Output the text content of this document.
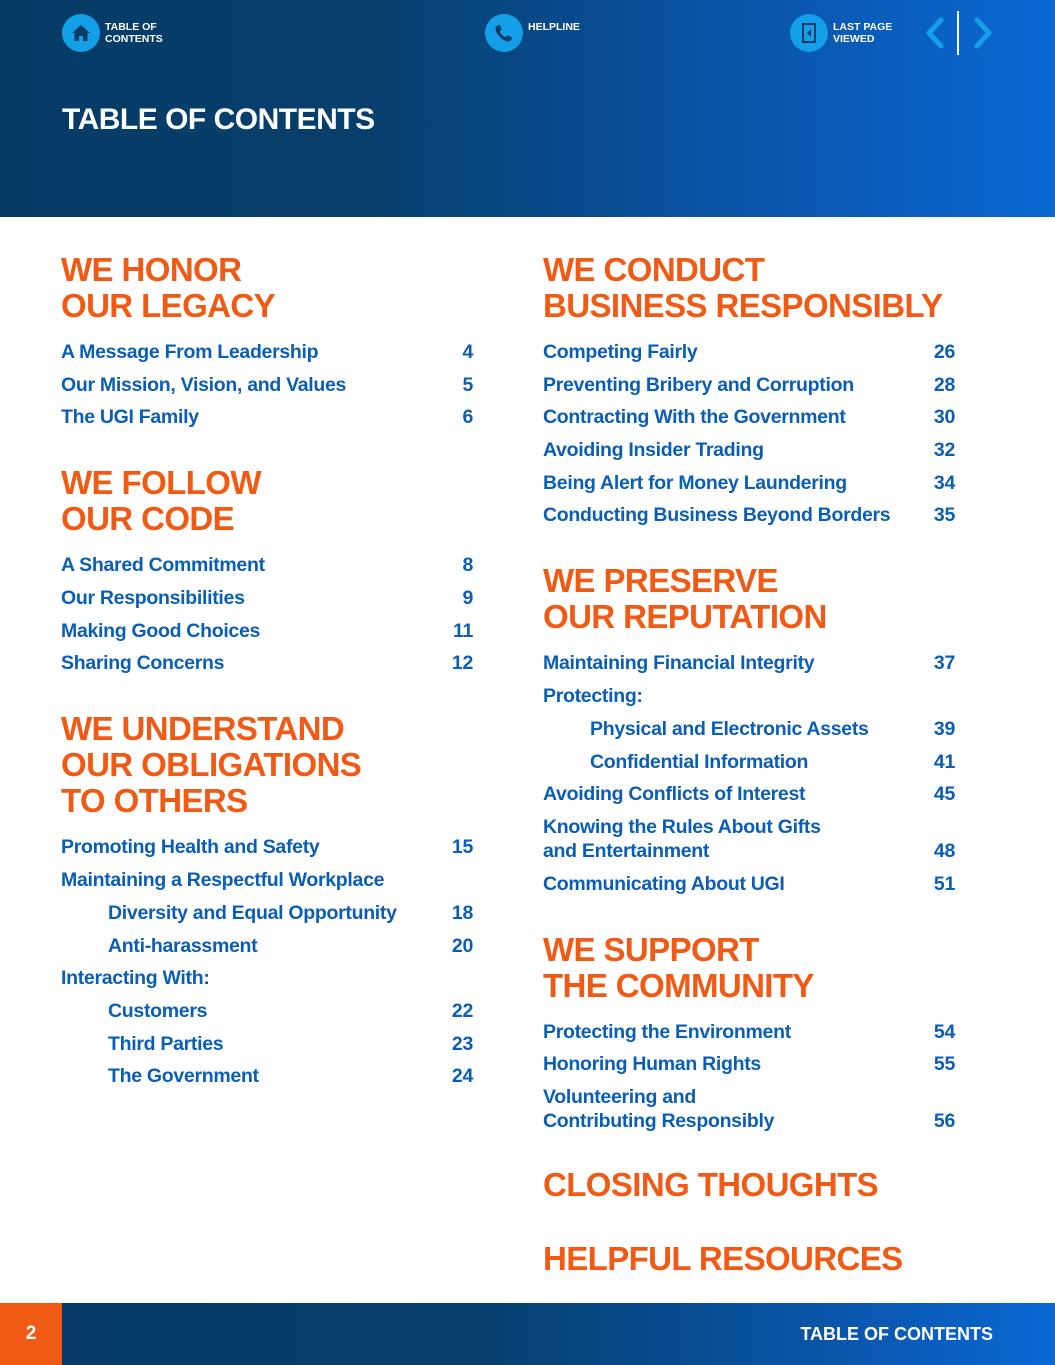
TABLE OF
CONTENTS
HELPLINE	LAST PAGE
VIEWED
TABLE OF CONTENTS
WE HONOR
OUR LEGACY
A Message From Leadership	4
Our Mission, Vision, and Values	5
The UGI Family	6
WE FOLLOW
OUR CODE
A Shared Commitment	8
Our Responsibilities	9
Making Good Choices	11
Sharing Concerns	12
WE UNDERSTAND
OUR OBLIGATIONS
TO OTHERS
Promoting Health and Safety	15
Maintaining a Respectful Workplace
Diversity and Equal Opportunity	18
Anti-harassment	20
Interacting With:
Customers	22
Third Parties	23
The Government	24
WE CONDUCT
BUSINESS RESPONSIBLY
Competing Fairly	26
Preventing Bribery and Corruption	28
Contracting With the Government	30
Avoiding Insider Trading	32
Being Alert for Money Laundering	34
Conducting Business Beyond Borders	35
WE PRESERVE
OUR REPUTATION
Maintaining Financial Integrity	37
Protecting:
Physical and Electronic Assets	39
Confidential Information	41
Avoiding Conflicts of Interest	45
Knowing the Rules About Gifts
and Entertainment	48
Communicating About UGI	51
WE SUPPORT
THE COMMUNITY
Protecting the Environment	54
Honoring Human Rights	55
Volunteering and
Contributing Responsibly	56
CLOSING THOUGHTS
HELPFUL RESOURCES
2	TABLE OF CONTENTS
